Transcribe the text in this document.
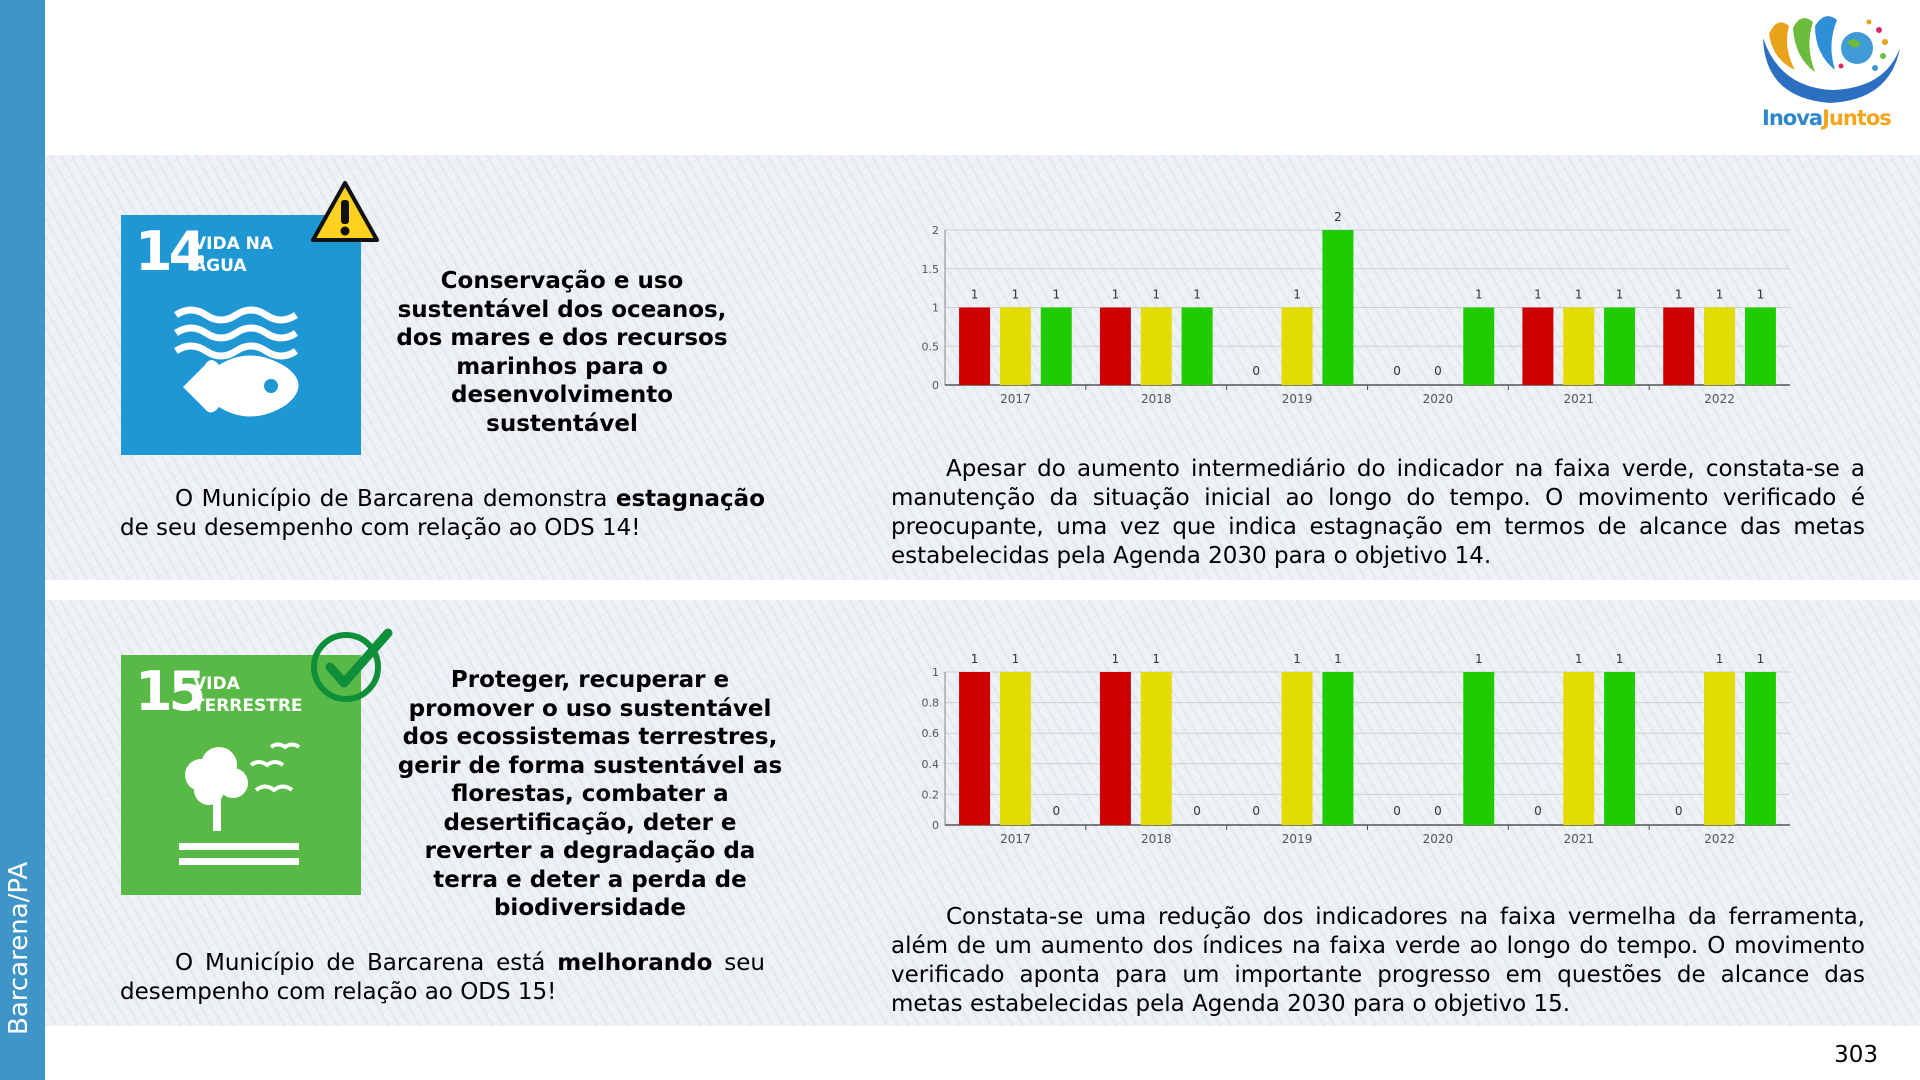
Barcarena/PA
InovaJuntos
14
VIDA NA
ÁGUA
Conservação e uso sustentável dos oceanos, dos mares e dos recursos marinhos para o desenvolvimento sustentável
O Município de Barcarena demonstra estagnação de seu desempenho com relação ao ODS 14!
0
0.5
1
1.5
2
1	1	1
2017
1	1	1
2018
0
1
2
2019
0	0
1
2020
1	1	1
2021
1	1	1
2022
Apesar do aumento intermediário do indicador na faixa verde, constata-se a manutenção da situação inicial ao longo do tempo. O movimento verificado é preocupante, uma vez que indica estagnação em termos de alcance das metas estabelecidas pela Agenda 2030 para o objetivo 14.
15
VIDA
TERRESTRE
Proteger, recuperar e promover o uso sustentável dos ecossistemas terrestres, gerir de forma sustentável as florestas, combater a desertificação, deter e reverter a degradação da terra e deter a perda de biodiversidade
O Município de Barcarena está melhorando seu desempenho com relação ao ODS 15!
0
0.2
0.4
0.6
0.8
1
1	1
0
2017
1	1
0
2018
0
1	1
2019
0	0
1
2020
0
1	1
2021
0
1	1
2022
Constata-se uma redução dos indicadores na faixa vermelha da ferramenta, além de um aumento dos índices na faixa verde ao longo do tempo. O movimento verificado aponta para um importante progresso em questões de alcance das metas estabelecidas pela Agenda 2030 para o objetivo 15.
303
